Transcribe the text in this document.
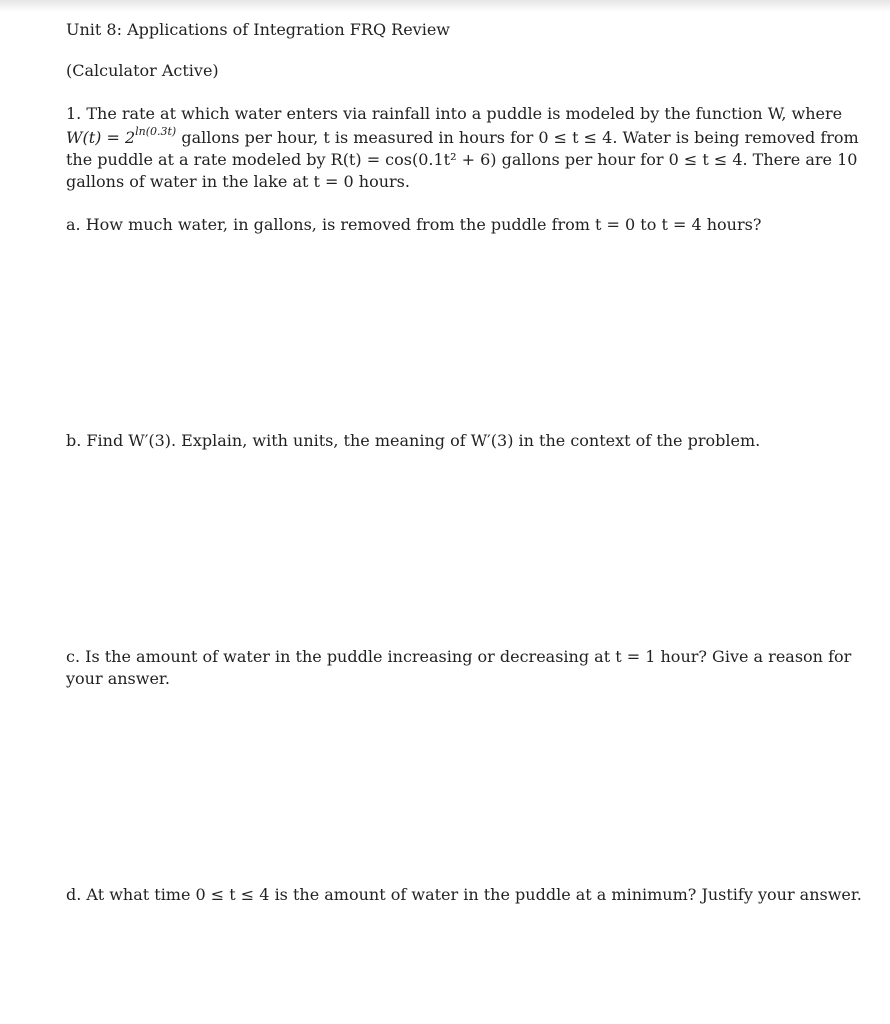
Unit 8: Applications of Integration FRQ Review
(Calculator Active)
1. The rate at which water enters via rainfall into a puddle is modeled by the function W, where
$W(t) = 2^{ln(0.3t)}$ gallons per hour, t is measured in hours for 0 ≤ t ≤ 4. Water is being removed from
the puddle at a rate modeled by R(t) = cos(0.1t² + 6) gallons per hour for 0 ≤ t ≤ 4. There are 10
gallons of water in the lake at t = 0 hours.
a. How much water, in gallons, is removed from the puddle from t = 0 to t = 4 hours?
b. Find W′(3). Explain, with units, the meaning of W′(3) in the context of the problem.
c. Is the amount of water in the puddle increasing or decreasing at t = 1 hour? Give a reason for
your answer.
d. At what time 0 ≤ t ≤ 4 is the amount of water in the puddle at a minimum? Justify your answer.
